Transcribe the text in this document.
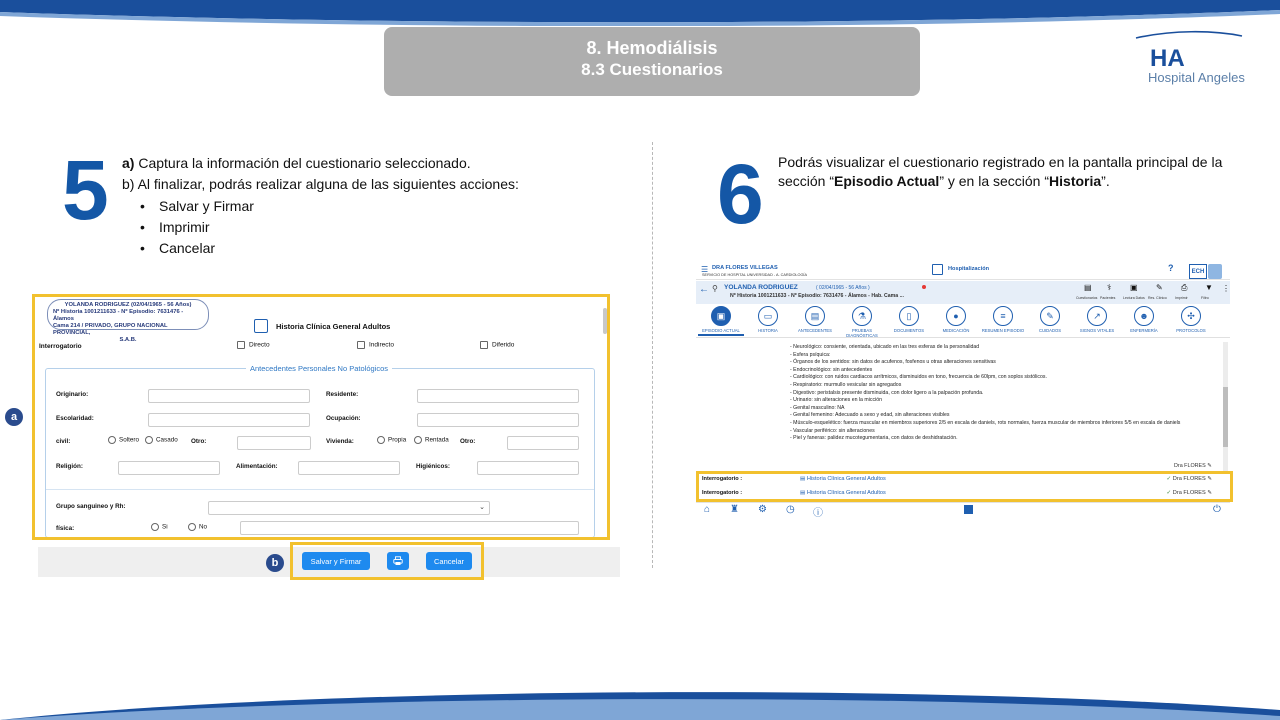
8. Hemodiálisis
8.3 Cuestionarios	HA
Hospital Angeles
5 a) Captura la información del cuestionario seleccionado.
b) Al finalizar, podrás realizar alguna de las siguientes acciones:
• Salvar y Firmar
• Imprimir
• Cancelar
6 Podrás visualizar el cuestionario registrado en la pantalla principal de la sección “Episodio Actual” y en la sección “Historia”.
YOLANDA RODRIGUEZ (02/04/1965 - 56 Años)
Nº Historia 1001211633 - Nº Episodio: 7631476 - Álamos
Cama 214 / PRIVADO, GRUPO NACIONAL PROVINCIAL,
S.A.B.
Historia Clínica General Adultos
Interrogatorio	Directo	Indirecto	Diferido
Antecedentes Personales No Patológicos
Originario:	Residente:
Escolaridad:	Ocupación:
civil:	Soltero	Casado Otro:	Vivienda:	Propia	Rentada Otro:
Religión:	Alimentación:	Higiénicos:
Grupo sanguineo y Rh:
⌄
física:	Si	No
a
Salvar y Firmar	Cancelar
b
☰ DRA FLORES VILLEGAS
SERVICIO DE HOSPITAL UNIVERSIDAD - A. CARDIOLOGÍA
Hospitalización	?	ECH
← ⚲ YOLANDA RODRIGUEZ	( 02/04/1965 - 56 Años )
Nº Historia 1001211633 - Nº Episodio: 7631476 - Álamos - Hab. Cama ...	Cuestionarios Pacientes Lectura Datos Res. Clínico Imprimir	Filtro
▤ ⚕ ▣ ✎ ⎙ ▼ ⋮
▣
EPISODIO ACTUAL
▭
HISTORIA
▤
ANTECEDENTES
⚗
PRUEBAS DIAGNÓSTICAS
▯
DOCUMENTOS
●
MEDICACIÓN
≡
RESUMEN EPISODIO
✎
CUIDADOS
↗
SIGNOS VITALES
☻
ENFERMERÍA
✣
PROTOCOLOS
- Neurológico: consiente, orientada, ubicado en las tres esferas de la personalidad
- Esfera psíquica:
- Órganos de los sentidos: sin datos de acufenos, fosfenos u otras alteraciones sensitivas
- Endocrinológico: sin antecedentes
- Cardiológico: con ruidos cardiacos arrítmicos, disminuidos en tono, frecuencia de 60lpm, con soplos sistólicos.
- Respiratorio: murmullo vesicular sin agregados
- Digestivo: peristalsis presente disminuida, con dolor ligero a la palpación profunda.
- Urinario: sin alteraciones en la micción
- Genital masculino: NA
- Genital femenino: Adecuado a sexo y edad, sin alteraciones visibles
- Músculo-esquelético: fuerza muscular en miembros superiores 2/5 en escala de daniels, rots normales, fuerza muscular de miembros inferiores 5/5 en escala de daniels
- Vascular periférico: sin alteraciones
- Piel y faneras: palidez mucotegumentaria, con datos de deshidratación.
Dra FLORES ✎
Interrogatorio :	▤ Historia Clínica General Adultos	✓ Dra FLORES ✎
Interrogatorio :	▤ Historia Clínica General Adultos	✓ Dra FLORES ✎
⌂ ♜ ⚙ ◷ ⓘ	⏻
